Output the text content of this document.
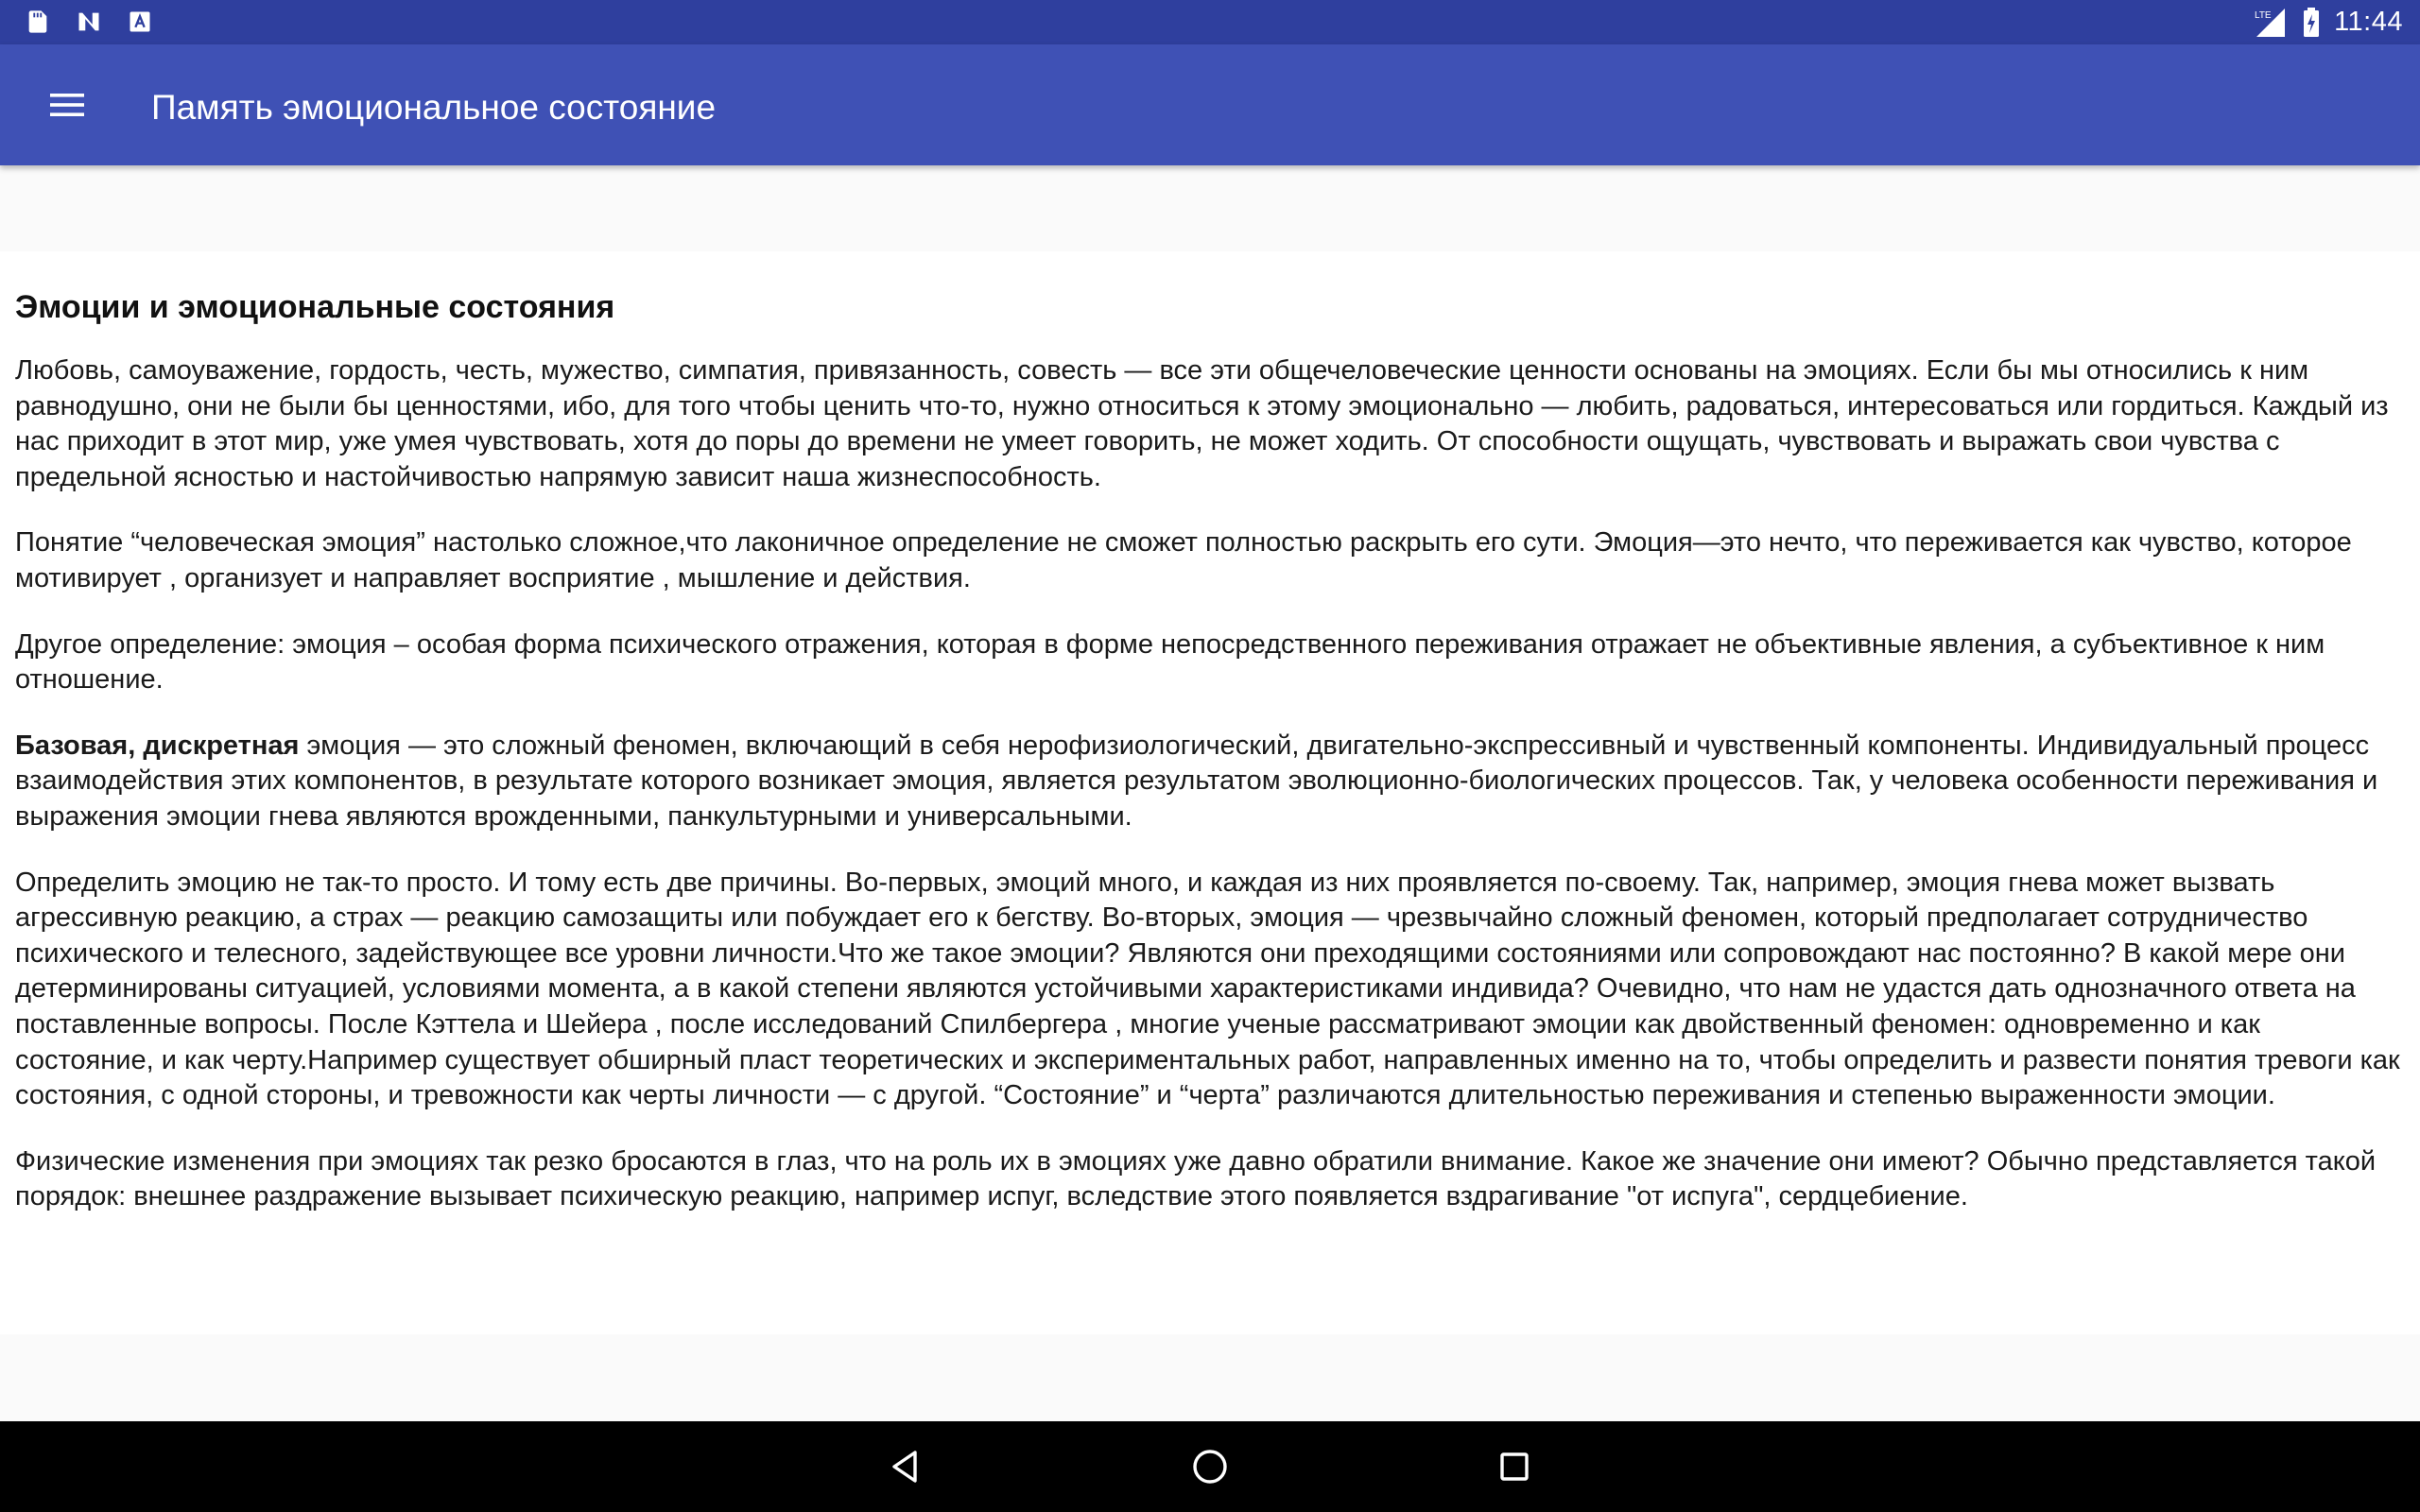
LTE 11:44
Память эмоциональное состояние
Эмоции и эмоциональные состояния

Любовь, самоуважение, гордость, честь, мужество, симпатия, привязанность, совесть — все эти общечеловеческие ценности основаны на эмоциях. Если бы мы относились к ним равнодушно, они не были бы ценностями, ибо, для того чтобы ценить что-то, нужно относиться к этому эмоционально — любить, радоваться, интересоваться или гордиться. Каждый из нас приходит в этот мир, уже умея чувствовать, хотя до поры до времени не умеет говорить, не может ходить. От способности ощущать, чувствовать и выражать свои чувства с предельной ясностью и настойчивостью напрямую зависит наша жизнеспособность.

Понятие “человеческая эмоция” настолько сложное,что лаконичное определение не сможет полностью раскрыть его сути. Эмоция—это нечто, что переживается как чувство, которое мотивирует , организует и направляет восприятие , мышление и действия.

Другое определение: эмоция – особая форма психического отражения, которая в форме непосредственного переживания отражает не объективные явления, а субъективное к ним отношение.

Базовая, дискретная эмоция — это сложный феномен, включающий в себя нерофизиологический, двигательно-экспрессивный и чувственный компоненты. Индивидуальный процесс взаимодействия этих компонентов, в результате которого возникает эмоция, является результатом эволюционно-биологических процессов. Так, у человека особенности переживания и выражения эмоции гнева являются врожденными, панкультурными и универсальными.

Определить эмоцию не так-то просто. И тому есть две причины. Во-первых, эмоций много, и каждая из них проявляется по-своему. Так, например, эмоция гнева может вызвать агрессивную реакцию, а страх — реакцию самозащиты или побуждает его к бегству. Во-вторых, эмоция — чрезвычайно сложный феномен, который предполагает сотрудничество психического и телесного, задействующее все уровни личности.Что же такое эмоции? Являются они преходящими состояниями или сопровождают нас постоянно? В какой мере они детерминированы ситуацией, условиями момента, а в какой степени являются устойчивыми характеристиками индивида? Очевидно, что нам не удастся дать однозначного ответа на поставленные вопросы. После Кэттела и Шейера , после исследований Спилбергера , многие ученые рассматривают эмоции как двойственный феномен: одновременно и как состояние, и как черту.Например существует обширный пласт теоретических и экспериментальных работ, направленных именно на то, чтобы определить и развести понятия тревоги как состояния, с одной стороны, и тревожности как черты личности — с другой. “Состояние” и “черта” различаются длительностью переживания и степенью выраженности эмоции.

Физические изменения при эмоциях так резко бросаются в глаз, что на роль их в эмоциях уже давно обратили внимание. Какое же значение они имеют? Обычно представляется такой порядок: внешнее раздражение вызывает психическую реакцию, например испуг, вследствие этого появляется вздрагивание "от испуга", сердцебиение.
